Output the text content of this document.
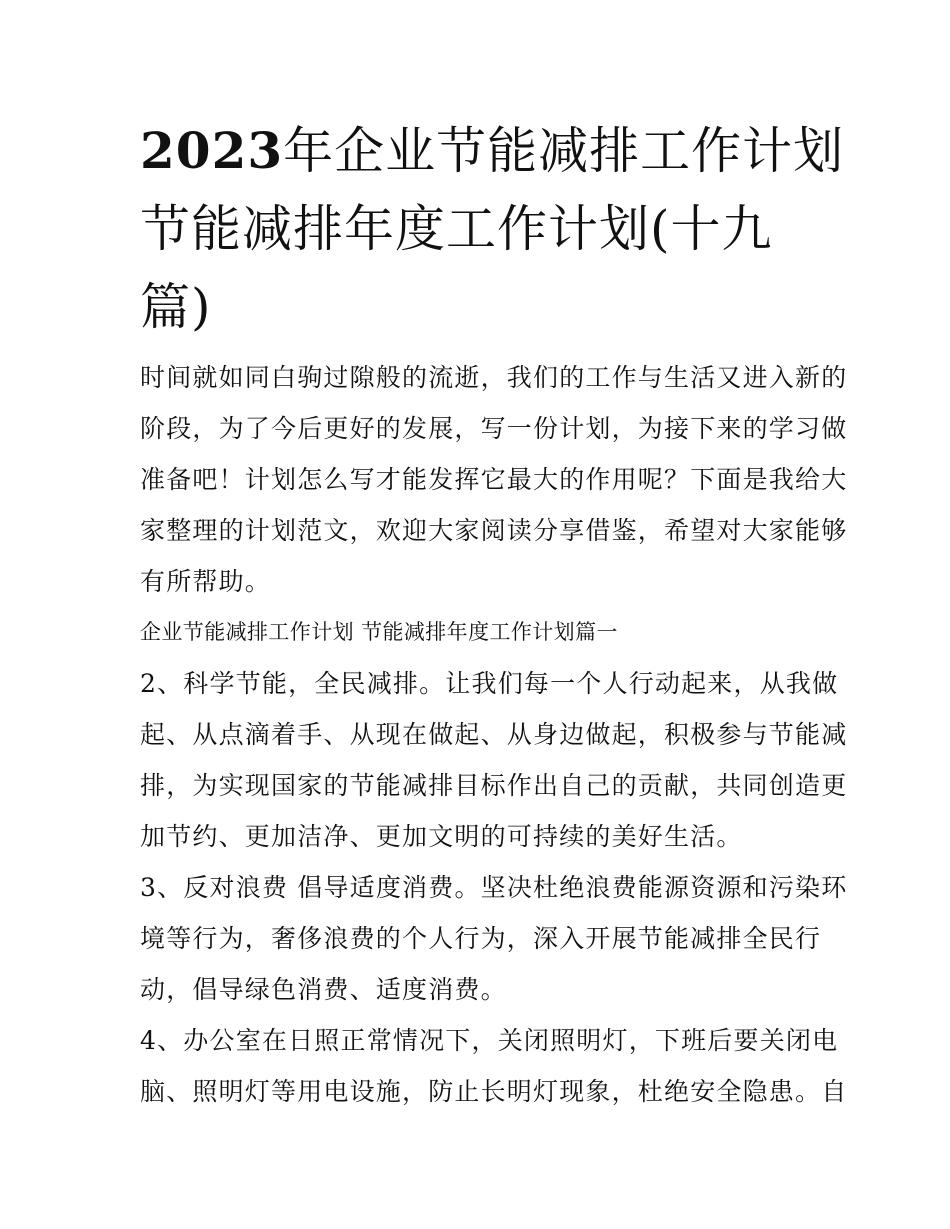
2023年企业节能减排工作计划
节能减排年度工作计划(十九
篇)

时间就如同白驹过隙般的流逝，我们的工作与生活又进入新的
阶段，为了今后更好的发展，写一份计划，为接下来的学习做
准备吧！计划怎么写才能发挥它最大的作用呢？下面是我给大
家整理的计划范文，欢迎大家阅读分享借鉴，希望对大家能够
有所帮助。

企业节能减排工作计划 节能减排年度工作计划篇一

2、科学节能，全民减排。让我们每一个人行动起来，从我做
起、从点滴着手、从现在做起、从身边做起，积极参与节能减
排，为实现国家的节能减排目标作出自己的贡献，共同创造更
加节约、更加洁净、更加文明的可持续的美好生活。

3、反对浪费 倡导适度消费。坚决杜绝浪费能源资源和污染环
境等行为，奢侈浪费的个人行为，深入开展节能减排全民行
动，倡导绿色消费、适度消费。

4、办公室在日照正常情况下，关闭照明灯，下班后要关闭电
脑、照明灯等用电设施，防止长明灯现象，杜绝安全隐患。自
